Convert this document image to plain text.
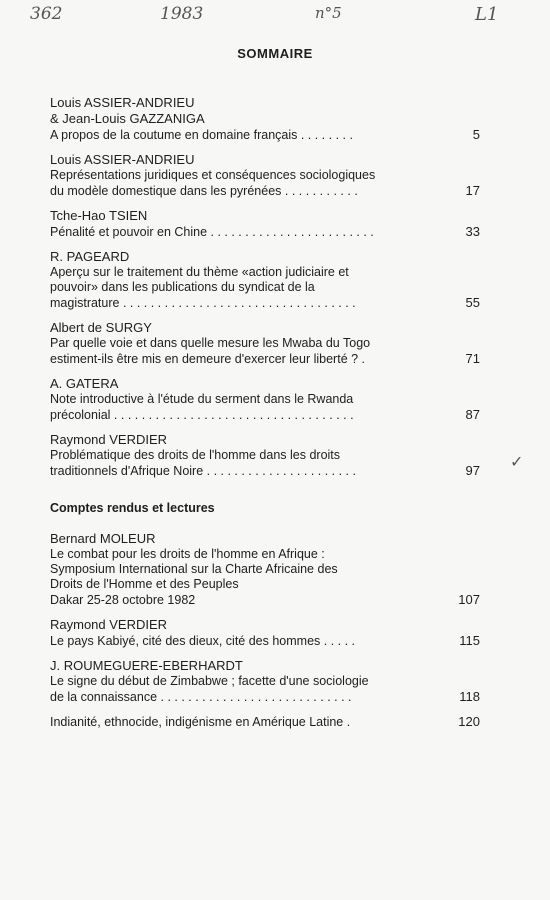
362	1983	n°5	L1
SOMMAIRE
Louis ASSIER-ANDRIEU
& Jean-Louis GAZZANIGA
A propos de la coutume en domaine français . . . . . . . .	5
Louis ASSIER-ANDRIEU
Représentations juridiques et conséquences sociologiques
du modèle domestique dans les pyrénées . . . . . . . . . . .	17
Tche-Hao TSIEN
Pénalité et pouvoir en Chine . . . . . . . . . . . . . . . . . . . . . . . .	33
R. PAGEARD
Aperçu sur le traitement du thème «action judiciaire et
pouvoir» dans les publications du syndicat de la
magistrature . . . . . . . . . . . . . . . . . . . . . . . . . . . . . . . . . .	55
Albert de SURGY
Par quelle voie et dans quelle mesure les Mwaba du Togo
estiment-ils être mis en demeure d'exercer leur liberté ? .	71
A. GATERA
Note introductive à l'étude du serment dans le Rwanda
précolonial . . . . . . . . . . . . . . . . . . . . . . . . . . . . . . . . . . .	87
Raymond VERDIER
Problématique des droits de l'homme dans les droits
traditionnels d'Afrique Noire . . . . . . . . . . . . . . . . . . . . . .	97
Comptes rendus et lectures
Bernard MOLEUR
Le combat pour les droits de l'homme en Afrique :
Symposium International sur la Charte Africaine des
Droits de l'Homme et des Peuples
Dakar 25-28 octobre 1982	107
Raymond VERDIER
Le pays Kabiyé, cité des dieux, cité des hommes . . . . .	115
J. ROUMEGUERE-EBERHARDT
Le signe du début de Zimbabwe ; facette d'une sociologie
de la connaissance . . . . . . . . . . . . . . . . . . . . . . . . . . . .	118
Indianité, ethnocide, indigénisme en Amérique Latine .	120
✓
